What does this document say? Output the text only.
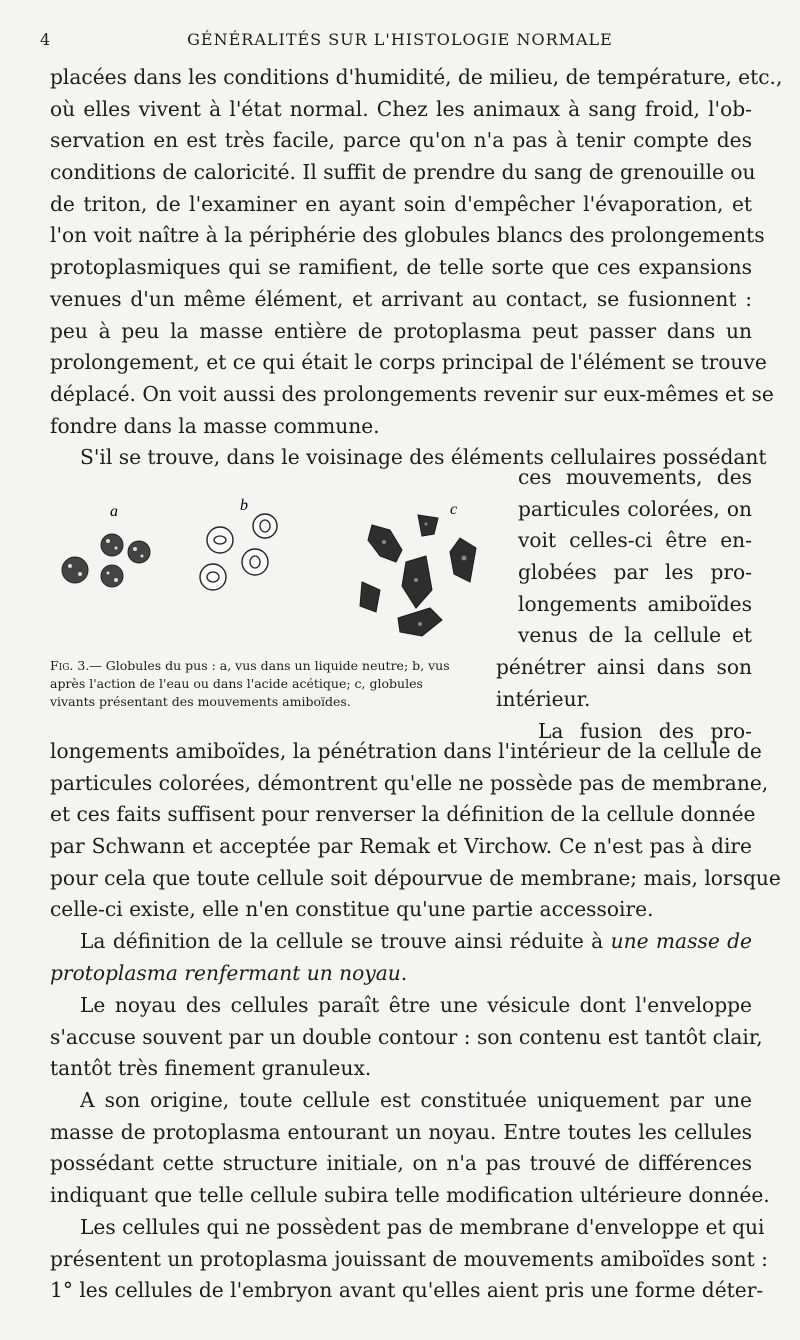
4	GÉNÉRALITÉS SUR L'HISTOLOGIE NORMALE
placées dans les conditions d'humidité, de milieu, de température, etc.,
où elles vivent à l'état normal. Chez les animaux à sang froid, l'ob-
servation en est très facile, parce qu'on n'a pas à tenir compte des
conditions de caloricité. Il suffit de prendre du sang de grenouille ou
de triton, de l'examiner en ayant soin d'empêcher l'évaporation, et
l'on voit naître à la périphérie des globules blancs des prolongements
protoplasmiques qui se ramifient, de telle sorte que ces expansions
venues d'un même élément, et arrivant au contact, se fusionnent :
peu à peu la masse entière de protoplasma peut passer dans un
prolongement, et ce qui était le corps principal de l'élément se trouve
déplacé. On voit aussi des prolongements revenir sur eux-mêmes et se
fondre dans la masse commune.
S'il se trouve, dans le voisinage des éléments cellulaires possédant
ces mouvements, des
particules colorées, on
voit celles-ci être en-
globées par les pro-
longements amiboïdes
venus de la cellule et
pénétrer ainsi dans son
intérieur.
La fusion des pro-
a	b	c
Fig. 3.— Globules du pus : a, vus dans un liquide neutre; b, vus
après l'action de l'eau ou dans l'acide acétique; c, globules
vivants présentant des mouvements amiboïdes.
longements amiboïdes, la pénétration dans l'intérieur de la cellule de
particules colorées, démontrent qu'elle ne possède pas de membrane,
et ces faits suffisent pour renverser la définition de la cellule donnée
par Schwann et acceptée par Remak et Virchow. Ce n'est pas à dire
pour cela que toute cellule soit dépourvue de membrane; mais, lorsque
celle-ci existe, elle n'en constitue qu'une partie accessoire.
La définition de la cellule se trouve ainsi réduite à une masse de
protoplasma renfermant un noyau.
Le noyau des cellules paraît être une vésicule dont l'enveloppe
s'accuse souvent par un double contour : son contenu est tantôt clair,
tantôt très finement granuleux.
A son origine, toute cellule est constituée uniquement par une
masse de protoplasma entourant un noyau. Entre toutes les cellules
possédant cette structure initiale, on n'a pas trouvé de différences
indiquant que telle cellule subira telle modification ultérieure donnée.
Les cellules qui ne possèdent pas de membrane d'enveloppe et qui
présentent un protoplasma jouissant de mouvements amiboïdes sont :
1° les cellules de l'embryon avant qu'elles aient pris une forme déter-
